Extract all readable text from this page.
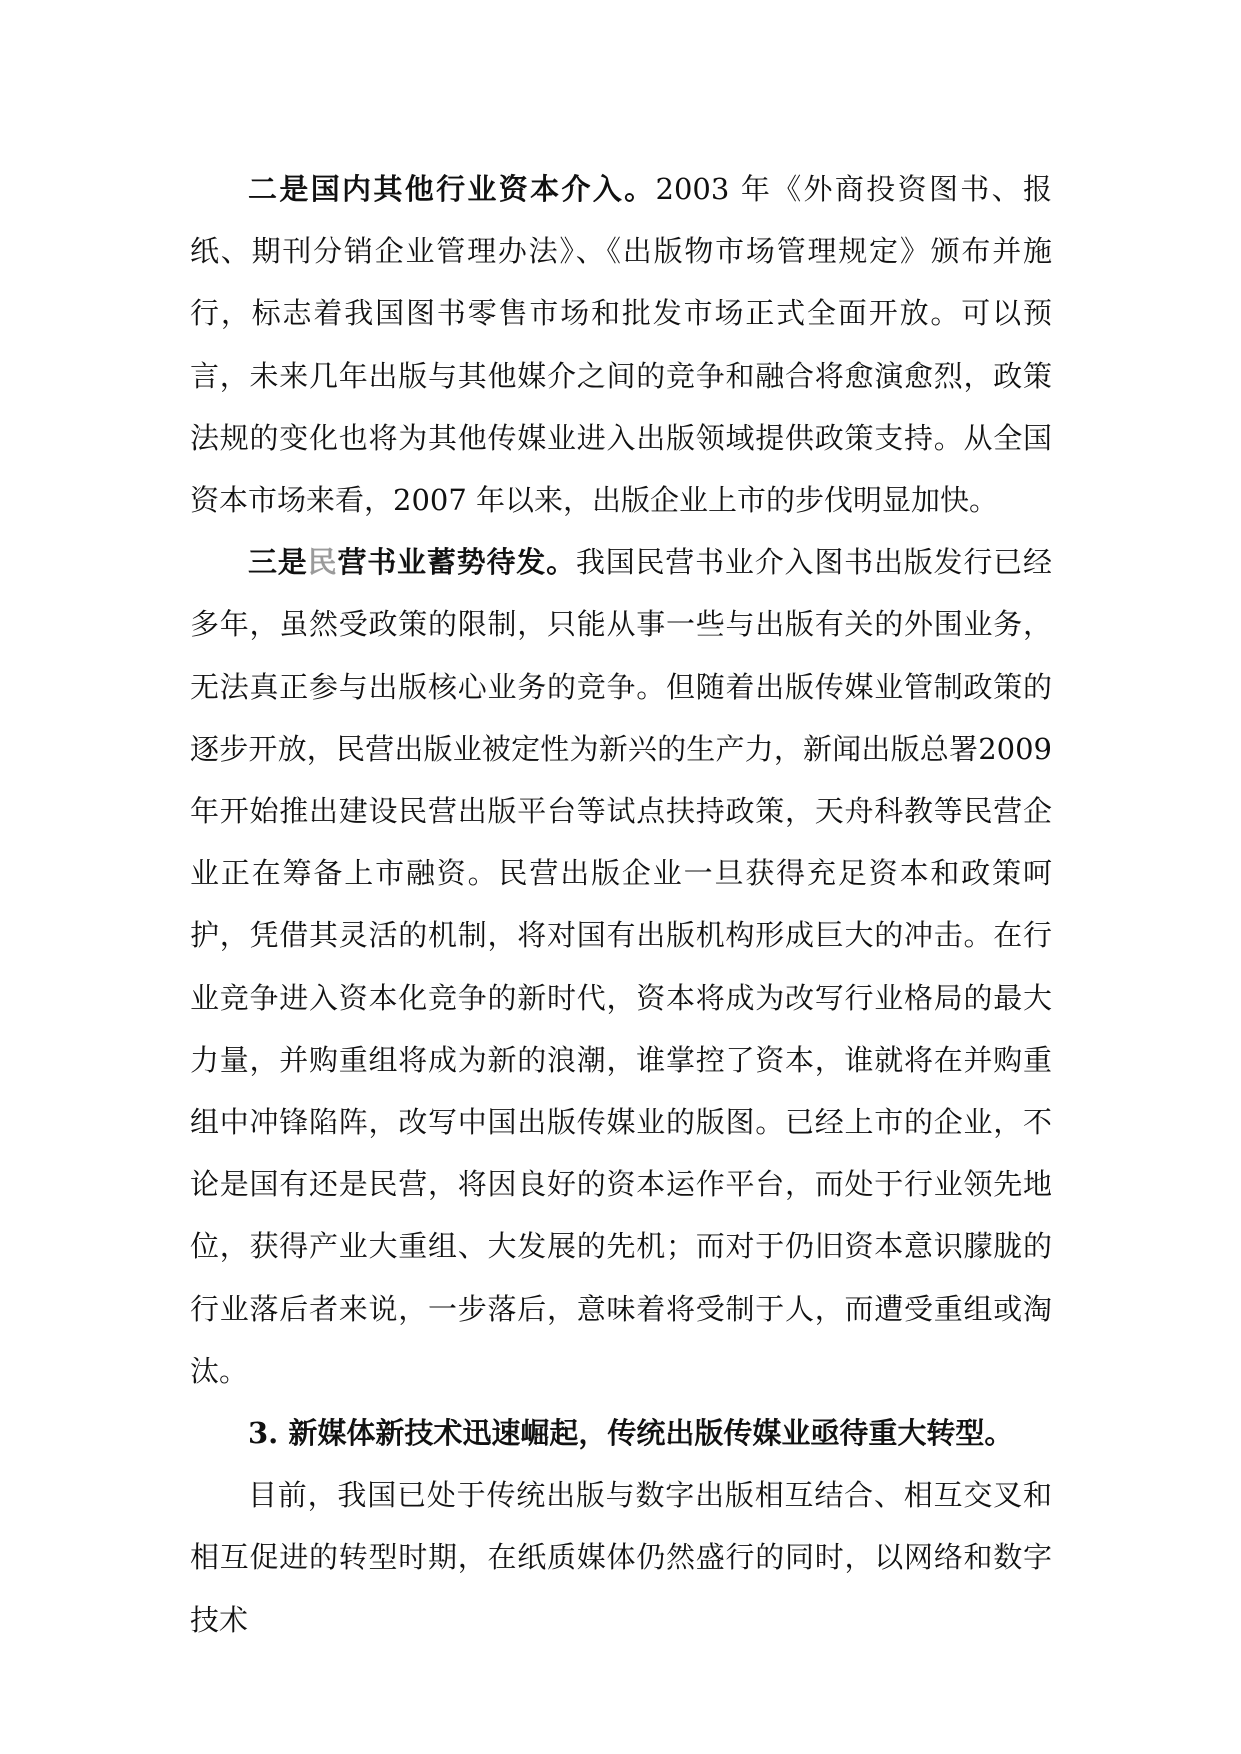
二是国内其他行业资本介入。2003 年《外商投资图书、报纸、期刊分销企业管理办法》、《出版物市场管理规定》颁布并施行，标志着我国图书零售市场和批发市场正式全面开放。可以预言，未来几年出版与其他媒介之间的竞争和融合将愈演愈烈，政策法规的变化也将为其他传媒业进入出版领域提供政策支持。从全国资本市场来看，2007 年以来，出版企业上市的步伐明显加快。

三是民营书业蓄势待发。我国民营书业介入图书出版发行已经多年，虽然受政策的限制，只能从事一些与出版有关的外围业务，无法真正参与出版核心业务的竞争。但随着出版传媒业管制政策的逐步开放，民营出版业被定性为新兴的生产力，新闻出版总署2009 年开始推出建设民营出版平台等试点扶持政策，天舟科教等民营企业正在筹备上市融资。民营出版企业一旦获得充足资本和政策呵护，凭借其灵活的机制，将对国有出版机构形成巨大的冲击。在行业竞争进入资本化竞争的新时代，资本将成为改写行业格局的最大力量，并购重组将成为新的浪潮，谁掌控了资本，谁就将在并购重组中冲锋陷阵，改写中国出版传媒业的版图。已经上市的企业，不论是国有还是民营，将因良好的资本运作平台，而处于行业领先地位，获得产业大重组、大发展的先机；而对于仍旧资本意识朦胧的行业落后者来说，一步落后，意味着将受制于人，而遭受重组或淘汰。

3. 新媒体新技术迅速崛起，传统出版传媒业亟待重大转型。

目前，我国已处于传统出版与数字出版相互结合、相互交叉和相互促进的转型时期，在纸质媒体仍然盛行的同时，以网络和数字技术
